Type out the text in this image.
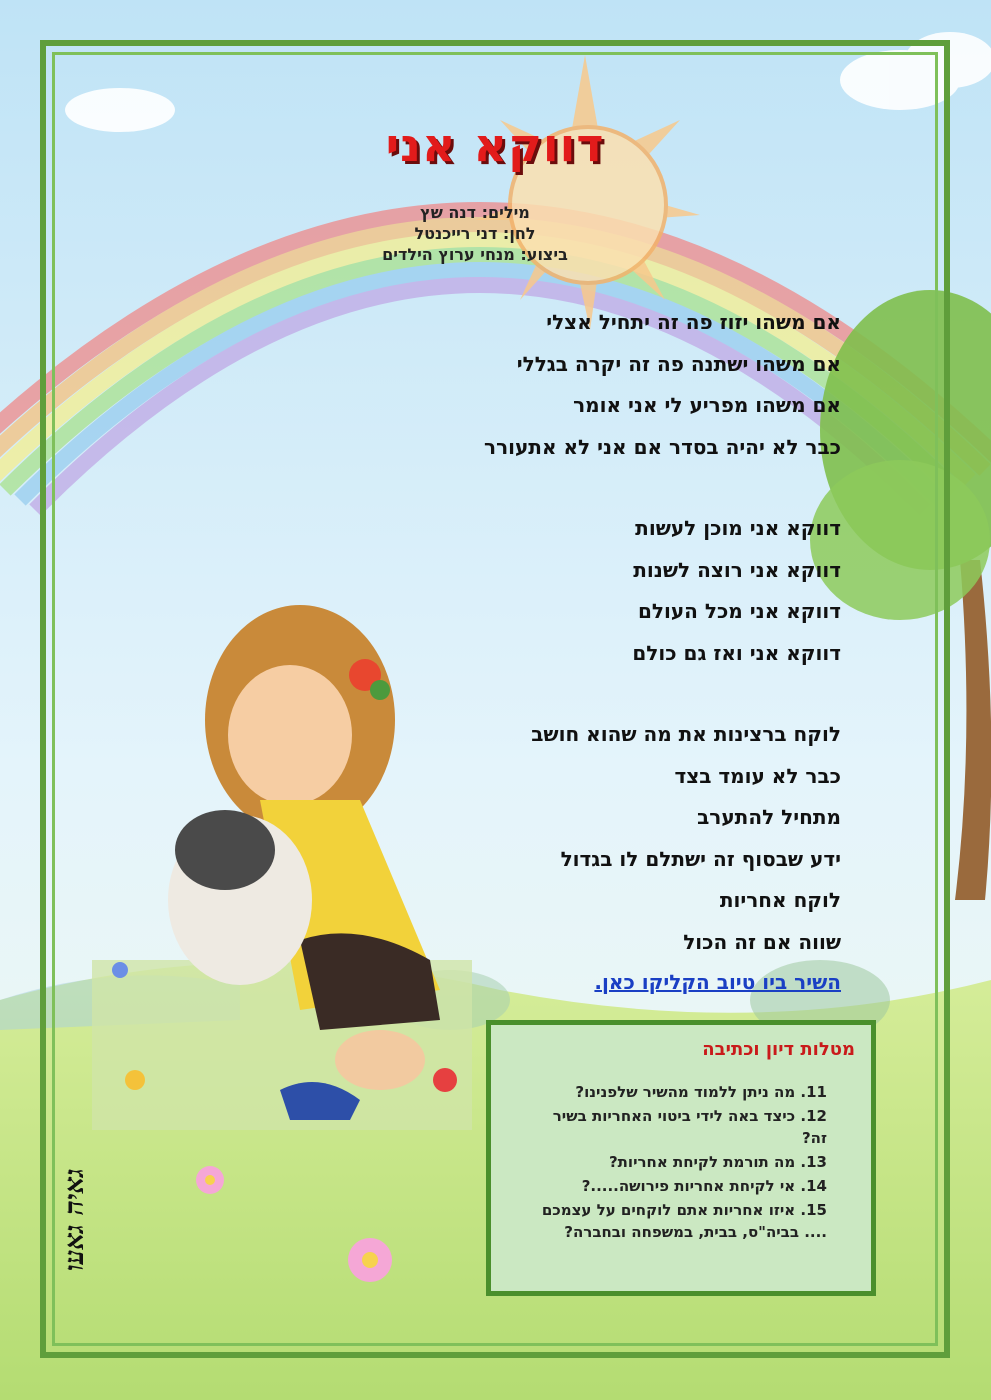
דווקא אני
מילים: דנה שץ
לחן: דני רייכנטל
ביצוע: מנחי ערוץ הילדים
אם משהו יזוז פה זה יתחיל אצלי
אם משהו ישתנה פה זה יקרה בגללי
אם משהו מפריע לי אני אומר
כבר לא יהיה בסדר אם אני לא אתעורר
דווקא אני מוכן לעשות
דווקא אני רוצה לשנות
דווקא אני מכל העולם
דווקא אני ואז גם כולם
לוקח ברצינות את מה שהוא חושב
כבר לא עומד בצד
מתחיל להתערב
ידע שבסוף זה ישתלם לו בגדול
לוקח אחריות
שווה אם זה הכול
השיר ביו טיוב הקליקו כאן.
מטלות דיון וכתיבה
11. מה ניתן ללמוד מהשיר שלפנינו?
12. כיצד באה לידי ביטוי האחריות בשיר זה?
13. מה תורמת לקיחת אחריות?
14. אי לקיחת אחריות פירושה.....?
15. איזו אחריות אתם לוקחים על עצמכם .... בביה"ס, בבית, במשפחה ובחברה?
גאיה גאעו
